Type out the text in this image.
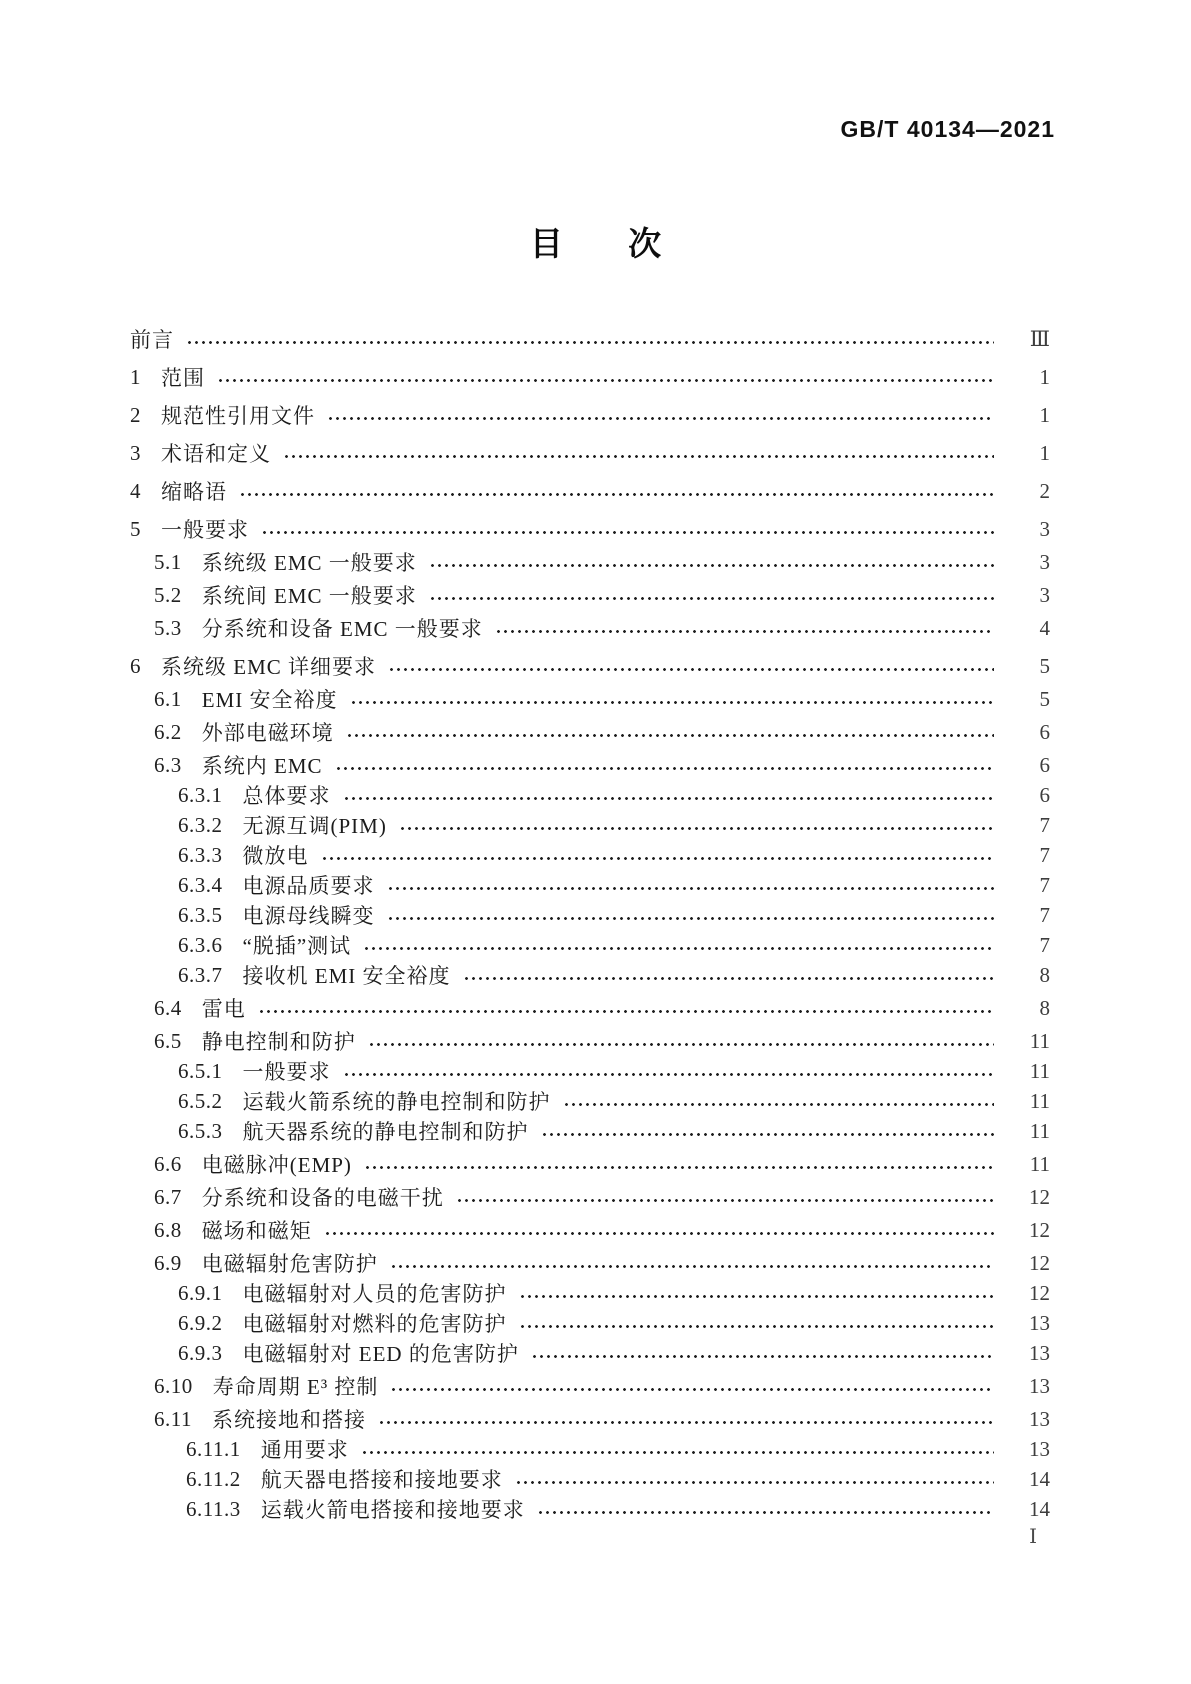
GB/T 40134—2021
目 次
前言	Ⅲ
1 范围	1
2 规范性引用文件	1
3 术语和定义	1
4 缩略语	2
5 一般要求	3
5.1 系统级 EMC 一般要求	3
5.2 系统间 EMC 一般要求	3
5.3 分系统和设备 EMC 一般要求	4
6 系统级 EMC 详细要求	5
6.1 EMI 安全裕度	5
6.2 外部电磁环境	6
6.3 系统内 EMC	6
6.3.1 总体要求	6
6.3.2 无源互调(PIM)	7
6.3.3 微放电	7
6.3.4 电源品质要求	7
6.3.5 电源母线瞬变	7
6.3.6 “脱插”测试	7
6.3.7 接收机 EMI 安全裕度	8
6.4 雷电	8
6.5 静电控制和防护	11
6.5.1 一般要求	11
6.5.2 运载火箭系统的静电控制和防护	11
6.5.3 航天器系统的静电控制和防护	11
6.6 电磁脉冲(EMP)	11
6.7 分系统和设备的电磁干扰	12
6.8 磁场和磁矩	12
6.9 电磁辐射危害防护	12
6.9.1 电磁辐射对人员的危害防护	12
6.9.2 电磁辐射对燃料的危害防护	13
6.9.3 电磁辐射对 EED 的危害防护	13
6.10 寿命周期 E³ 控制	13
6.11 系统接地和搭接	13
6.11.1 通用要求	13
6.11.2 航天器电搭接和接地要求	14
6.11.3 运载火箭电搭接和接地要求	14
Ⅰ
